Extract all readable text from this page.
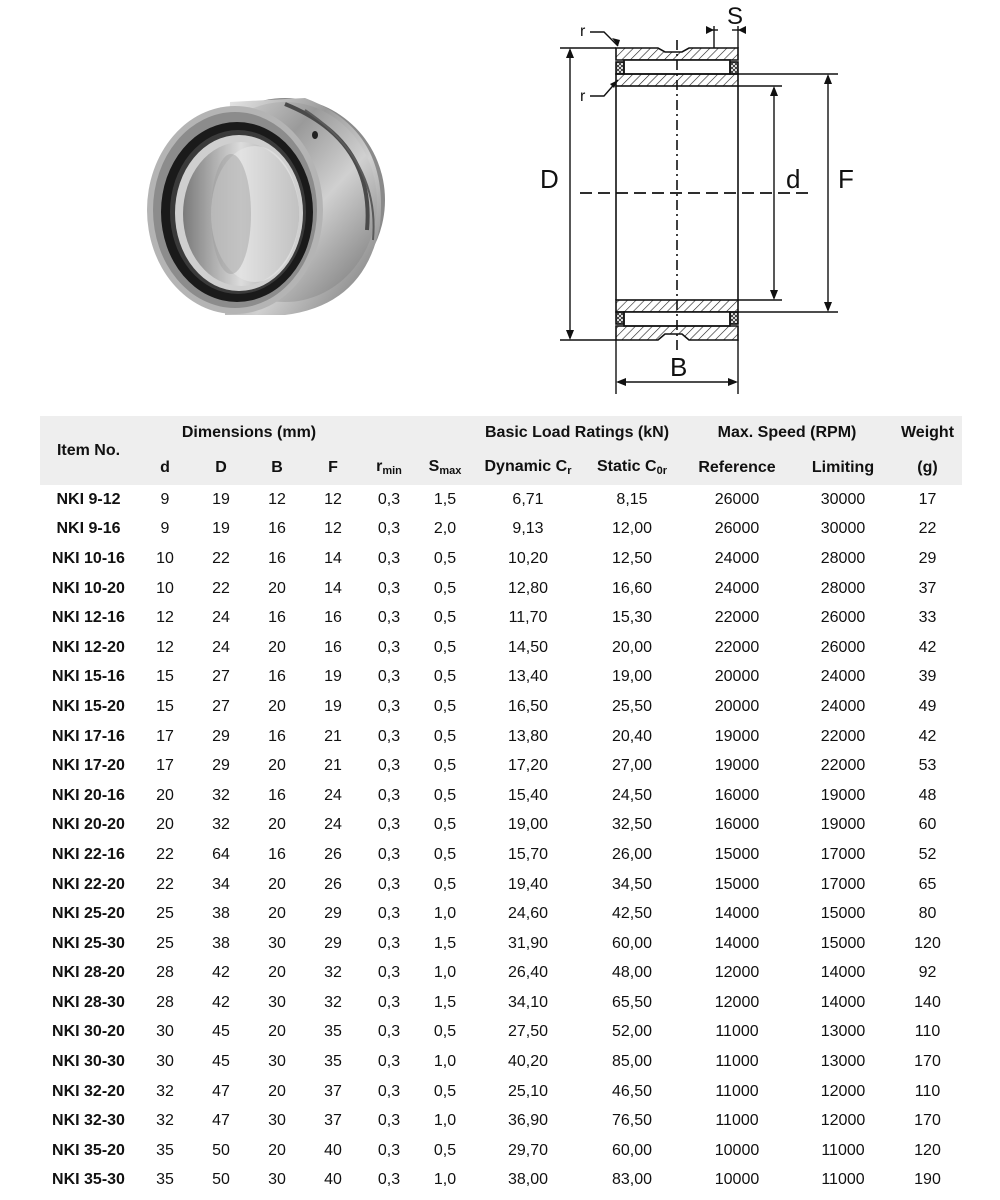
r
r
S
D	d F
B
Item No.	Dimensions (mm)						Basic Load Ratings (kN)		Max. Speed (RPM)		Weight
	d	D	B	F	$r_{min}$	$S_{max}$	Dynamic $C_r$	Static $C_{0r}$	Reference	Limiting	(g)
NKI 9-12	9	19	12	12	0,3	1,5	6,71	8,15	26000	30000	17
NKI 9-16	9	19	16	12	0,3	2,0	9,13	12,00	26000	30000	22
NKI 10-16	10	22	16	14	0,3	0,5	10,20	12,50	24000	28000	29
NKI 10-20	10	22	20	14	0,3	0,5	12,80	16,60	24000	28000	37
NKI 12-16	12	24	16	16	0,3	0,5	11,70	15,30	22000	26000	33
NKI 12-20	12	24	20	16	0,3	0,5	14,50	20,00	22000	26000	42
NKI 15-16	15	27	16	19	0,3	0,5	13,40	19,00	20000	24000	39
NKI 15-20	15	27	20	19	0,3	0,5	16,50	25,50	20000	24000	49
NKI 17-16	17	29	16	21	0,3	0,5	13,80	20,40	19000	22000	42
NKI 17-20	17	29	20	21	0,3	0,5	17,20	27,00	19000	22000	53
NKI 20-16	20	32	16	24	0,3	0,5	15,40	24,50	16000	19000	48
NKI 20-20	20	32	20	24	0,3	0,5	19,00	32,50	16000	19000	60
NKI 22-16	22	64	16	26	0,3	0,5	15,70	26,00	15000	17000	52
NKI 22-20	22	34	20	26	0,3	0,5	19,40	34,50	15000	17000	65
NKI 25-20	25	38	20	29	0,3	1,0	24,60	42,50	14000	15000	80
NKI 25-30	25	38	30	29	0,3	1,5	31,90	60,00	14000	15000	120
NKI 28-20	28	42	20	32	0,3	1,0	26,40	48,00	12000	14000	92
NKI 28-30	28	42	30	32	0,3	1,5	34,10	65,50	12000	14000	140
NKI 30-20	30	45	20	35	0,3	0,5	27,50	52,00	11000	13000	110
NKI 30-30	30	45	30	35	0,3	1,0	40,20	85,00	11000	13000	170
NKI 32-20	32	47	20	37	0,3	0,5	25,10	46,50	11000	12000	110
NKI 32-30	32	47	30	37	0,3	1,0	36,90	76,50	11000	12000	170
NKI 35-20	35	50	20	40	0,3	0,5	29,70	60,00	10000	11000	120
NKI 35-30	35	50	30	40	0,3	1,0	38,00	83,00	10000	11000	190
